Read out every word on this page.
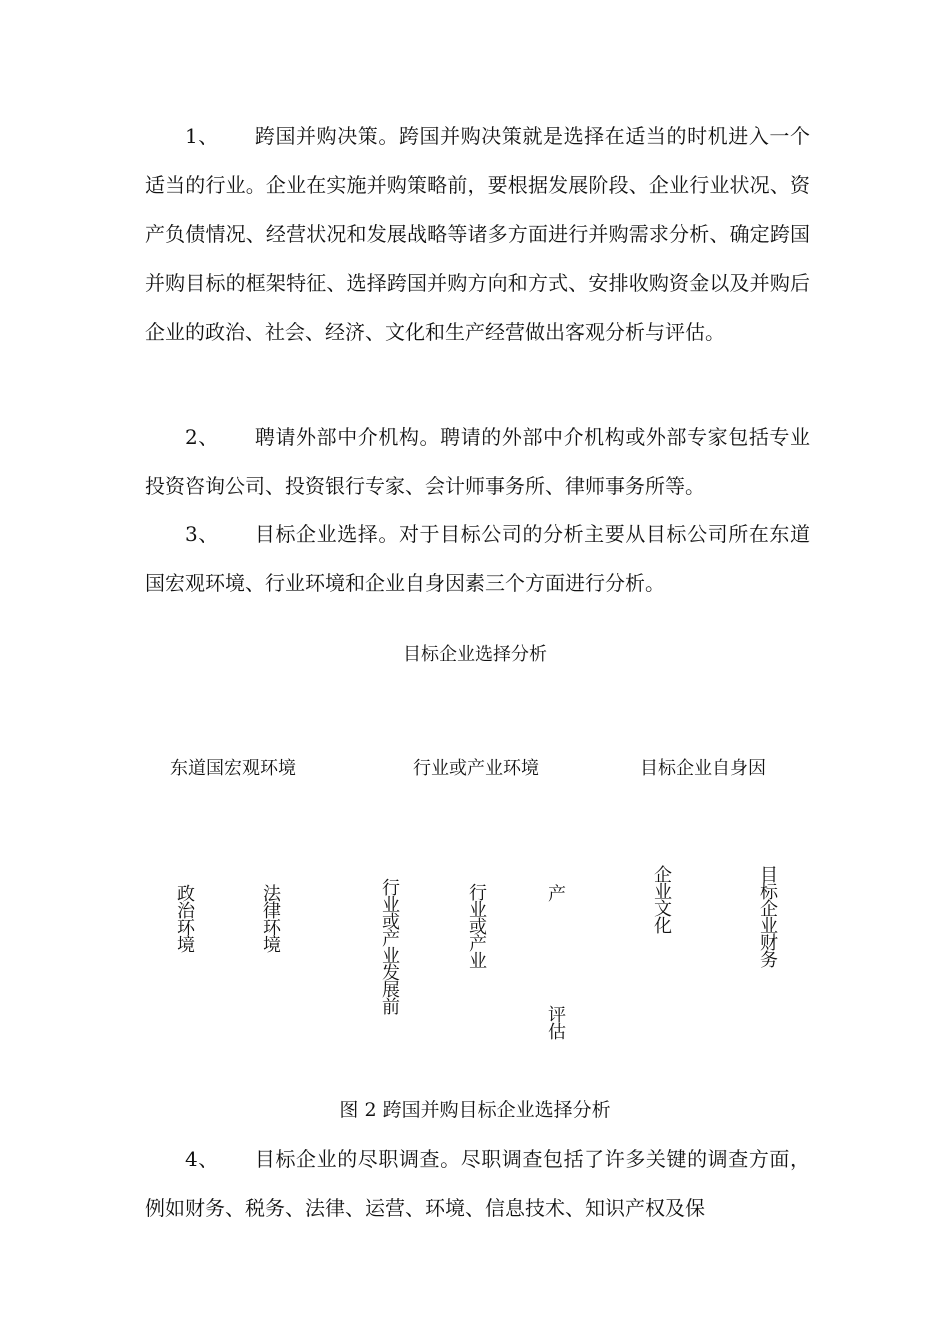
1、 跨国并购决策。跨国并购决策就是选择在适当的时机进入一个适当的行业。企业在实施并购策略前，要根据发展阶段、企业行业状况、资产负债情况、经营状况和发展战略等诸多方面进行并购需求分析、确定跨国并购目标的框架特征、选择跨国并购方向和方式、安排收购资金以及并购后企业的政治、社会、经济、文化和生产经营做出客观分析与评估。

2、 聘请外部中介机构。聘请的外部中介机构或外部专家包括专业投资咨询公司、投资银行专家、会计师事务所、律师事务所等。

3、 目标企业选择。对于目标公司的分析主要从目标公司所在东道国宏观环境、行业环境和企业自身因素三个方面进行分析。

目标企业选择分析
东道国宏观环境	行业或产业环境	目标企业自身因
政治环境	法律环境	行业或产业发展前	行业或产业	产
评估
企业文化	目标企业财务
图 2 跨国并购目标企业选择分析

4、 目标企业的尽职调查。尽职调查包括了许多关键的调查方面，例如财务、税务、法律、运营、环境、信息技术、知识产权及保
